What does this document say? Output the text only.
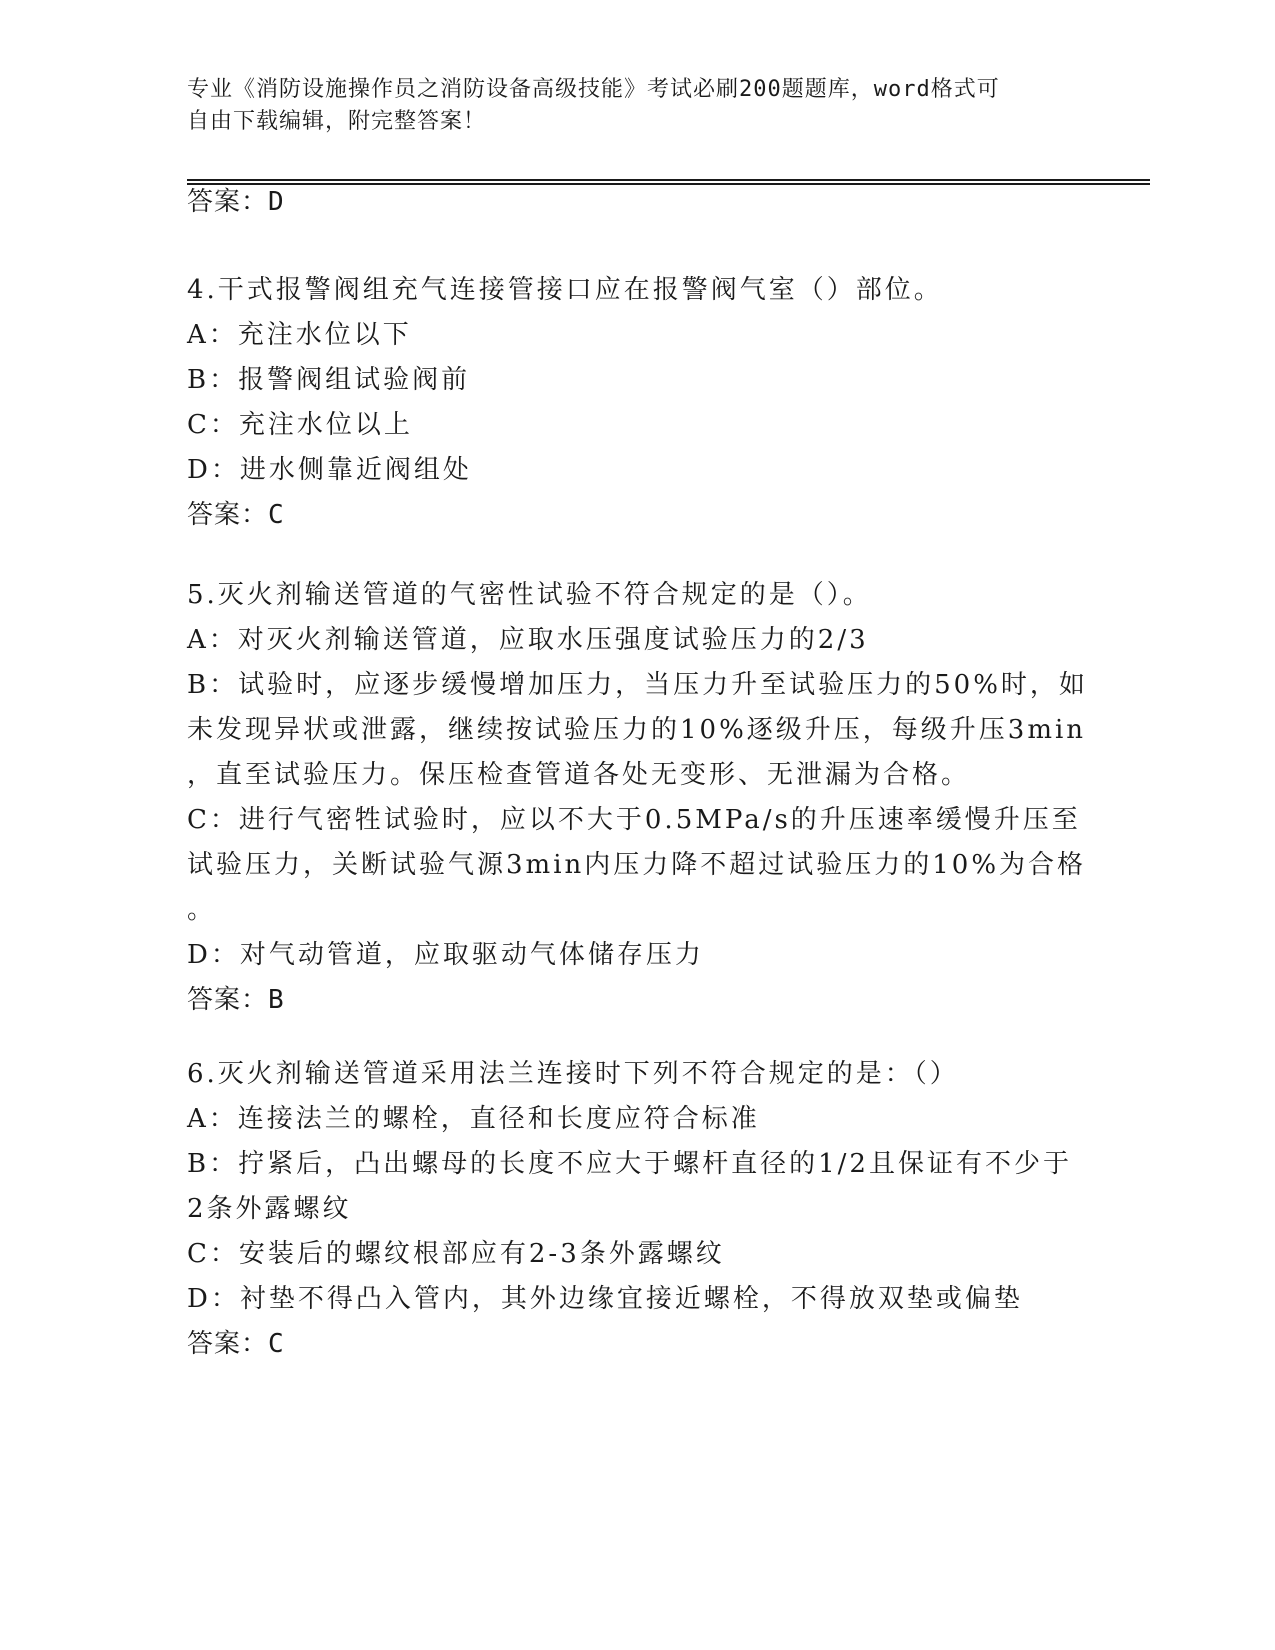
专业《消防设施操作员之消防设备高级技能》考试必刷200题题库，word格式可
自由下载编辑，附完整答案！
答案：D
4.干式报警阀组充气连接管接口应在报警阀气室（）部位。
A：充注水位以下
B：报警阀组试验阀前
C：充注水位以上
D：进水侧靠近阀组处
答案：C
5.灭火剂输送管道的气密性试验不符合规定的是（）。
A：对灭火剂输送管道，应取水压强度试验压力的2/3
B：试验时，应逐步缓慢增加压力，当压力升至试验压力的50%时，如
未发现异状或泄露，继续按试验压力的10%逐级升压，每级升压3min
，直至试验压力。保压检查管道各处无变形、无泄漏为合格。
C：进行气密牲试验时，应以不大于0.5MPa/s的升压速率缓慢升压至
试验压力，关断试验气源3min内压力降不超过试验压力的10%为合格
。
D：对气动管道，应取驱动气体储存压力
答案：B
6.灭火剂输送管道采用法兰连接时下列不符合规定的是：（）
A：连接法兰的螺栓，直径和长度应符合标准
B：拧紧后，凸出螺母的长度不应大于螺杆直径的1/2且保证有不少于
2条外露螺纹
C：安装后的螺纹根部应有2-3条外露螺纹
D：衬垫不得凸入管内，其外边缘宜接近螺栓，不得放双垫或偏垫
答案：C
